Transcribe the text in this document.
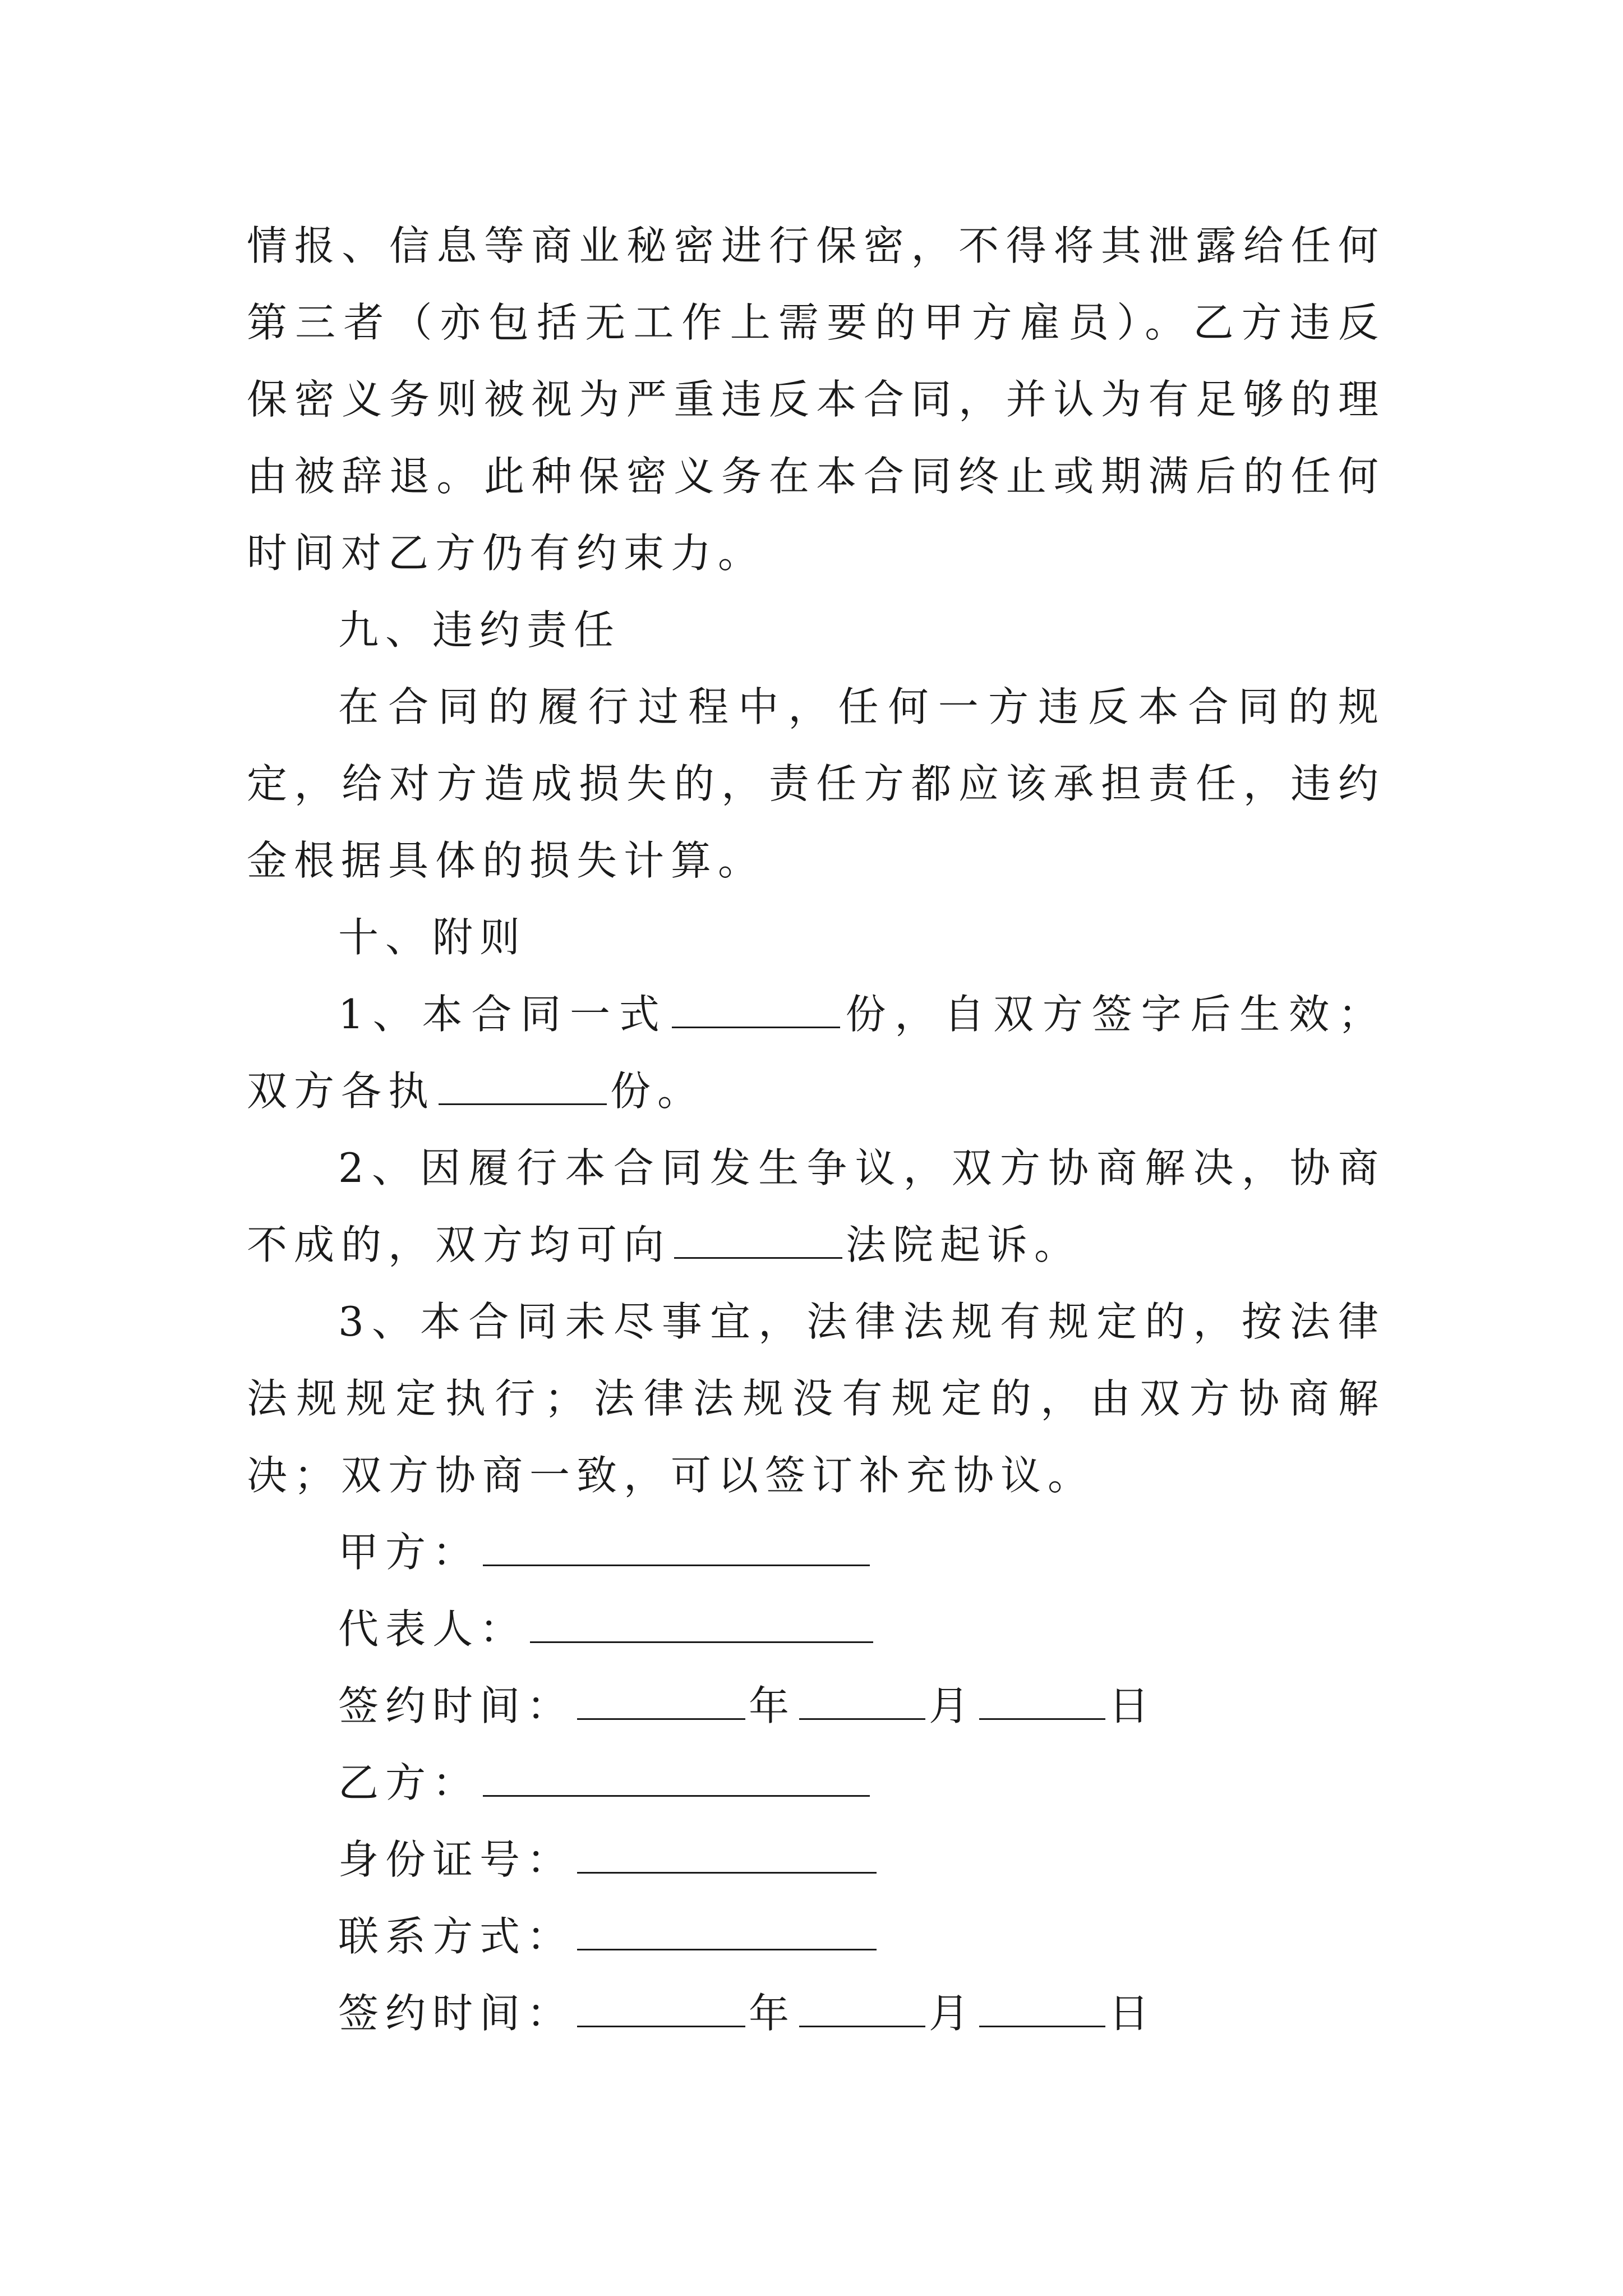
情报、信息等商业秘密进行保密，不得将其泄露给任何第三者（亦包括无工作上需要的甲方雇员）。乙方违反保密义务则被视为严重违反本合同，并认为有足够的理由被辞退。此种保密义务在本合同终止或期满后的任何时间对乙方仍有约束力。

九、违约责任

在合同的履行过程中，任何一方违反本合同的规定，给对方造成损失的，责任方都应该承担责任，违约金根据具体的损失计算。

十、附则

1、本合同一式	份，自双方签字后生效；双方各执	份。

2、因履行本合同发生争议，双方协商解决，协商不成的，双方均可向	法院起诉。

3、本合同未尽事宜，法律法规有规定的，按法律法规规定执行；法律法规没有规定的，由双方协商解决；双方协商一致，可以签订补充协议。

甲方：

代表人：

签约时间：	年	月	日

乙方：

身份证号：

联系方式：

签约时间：	年	月	日
